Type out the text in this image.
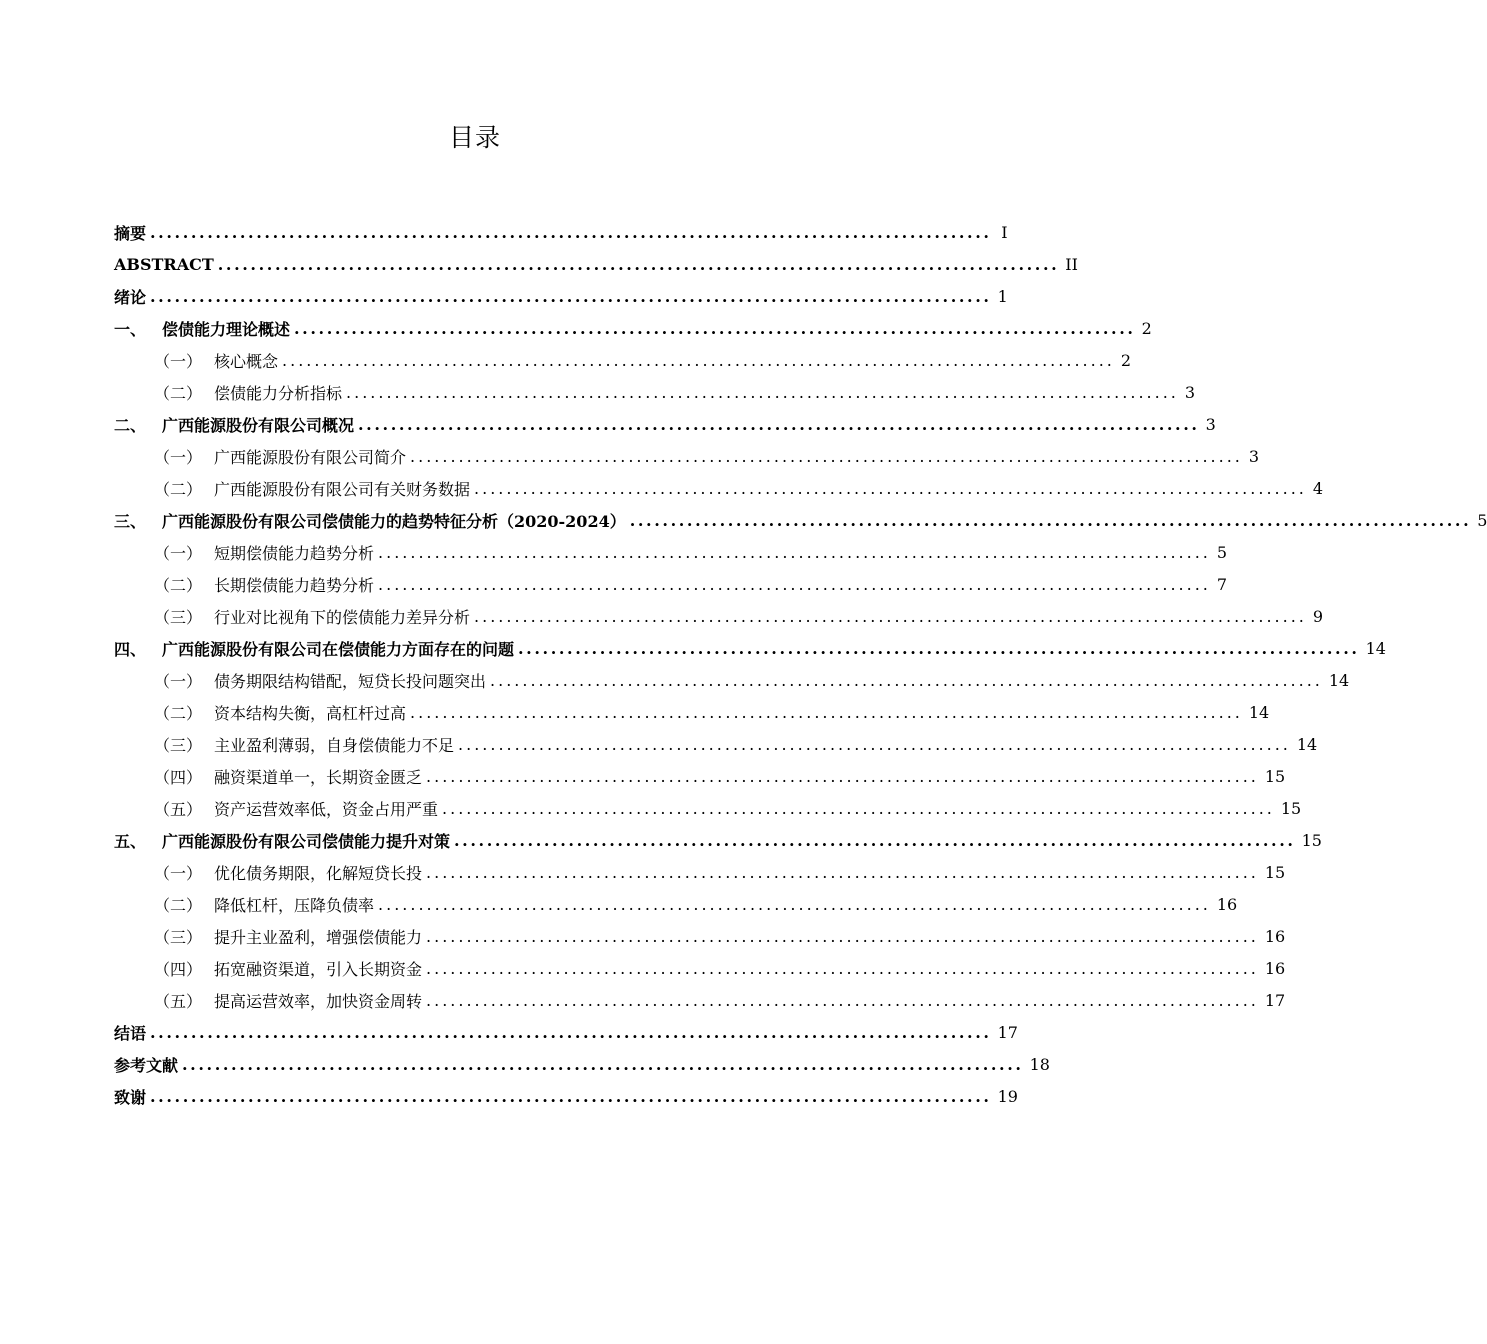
目录
摘要 ....................................................................................................... I
ABSTRACT ....................................................................................................... II
绪论 ....................................................................................................... 1
一、 偿债能力理论概述 ....................................................................................................... 2
（一） 核心概念 ....................................................................................................... 2
（二） 偿债能力分析指标 ....................................................................................................... 3
二、 广西能源股份有限公司概况 ....................................................................................................... 3
（一） 广西能源股份有限公司简介 ....................................................................................................... 3
（二） 广西能源股份有限公司有关财务数据 ....................................................................................................... 4
三、 广西能源股份有限公司偿债能力的趋势特征分析（2020-2024） ....................................................................................................... 5
（一） 短期偿债能力趋势分析 ....................................................................................................... 5
（二） 长期偿债能力趋势分析 ....................................................................................................... 7
（三） 行业对比视角下的偿债能力差异分析 ....................................................................................................... 9
四、 广西能源股份有限公司在偿债能力方面存在的问题 ....................................................................................................... 14
（一） 债务期限结构错配，短贷长投问题突出 ....................................................................................................... 14
（二） 资本结构失衡，高杠杆过高 ....................................................................................................... 14
（三） 主业盈利薄弱，自身偿债能力不足 ....................................................................................................... 14
（四） 融资渠道单一，长期资金匮乏 ....................................................................................................... 15
（五） 资产运营效率低，资金占用严重 ....................................................................................................... 15
五、 广西能源股份有限公司偿债能力提升对策 ....................................................................................................... 15
（一） 优化债务期限，化解短贷长投 ....................................................................................................... 15
（二） 降低杠杆，压降负债率 ....................................................................................................... 16
（三） 提升主业盈利，增强偿债能力 ....................................................................................................... 16
（四） 拓宽融资渠道，引入长期资金 ....................................................................................................... 16
（五） 提高运营效率，加快资金周转 ....................................................................................................... 17
结语 ....................................................................................................... 17
参考文献 ....................................................................................................... 18
致谢 ....................................................................................................... 19
